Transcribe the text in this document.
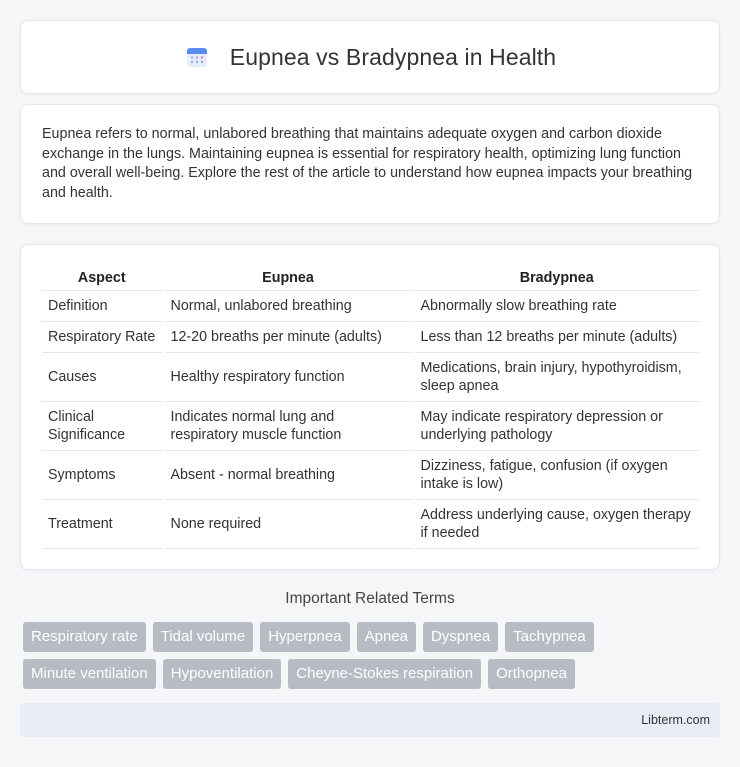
Eupnea vs Bradypnea in Health

Eupnea refers to normal, unlabored breathing that maintains adequate oxygen and carbon dioxide exchange in the lungs. Maintaining eupnea is essential for respiratory health, optimizing lung function and overall well-being. Explore the rest of the article to understand how eupnea impacts your breathing and health.

Aspect	Eupnea	Bradypnea
Definition	Normal, unlabored breathing	Abnormally slow breathing rate
Respiratory Rate	12-20 breaths per minute (adults)	Less than 12 breaths per minute (adults)
Causes	Healthy respiratory function	Medications, brain injury, hypothyroidism, sleep apnea
Clinical Significance	Indicates normal lung and respiratory muscle function	May indicate respiratory depression or underlying pathology
Symptoms	Absent - normal breathing	Dizziness, fatigue, confusion (if oxygen intake is low)
Treatment	None required	Address underlying cause, oxygen therapy if needed
Important Related Terms
Respiratory rate	Tidal volume	Hyperpnea	Apnea	Dyspnea	Tachypnea
Minute ventilation	Hypoventilation	Cheyne-Stokes respiration	Orthopnea
Libterm.com
